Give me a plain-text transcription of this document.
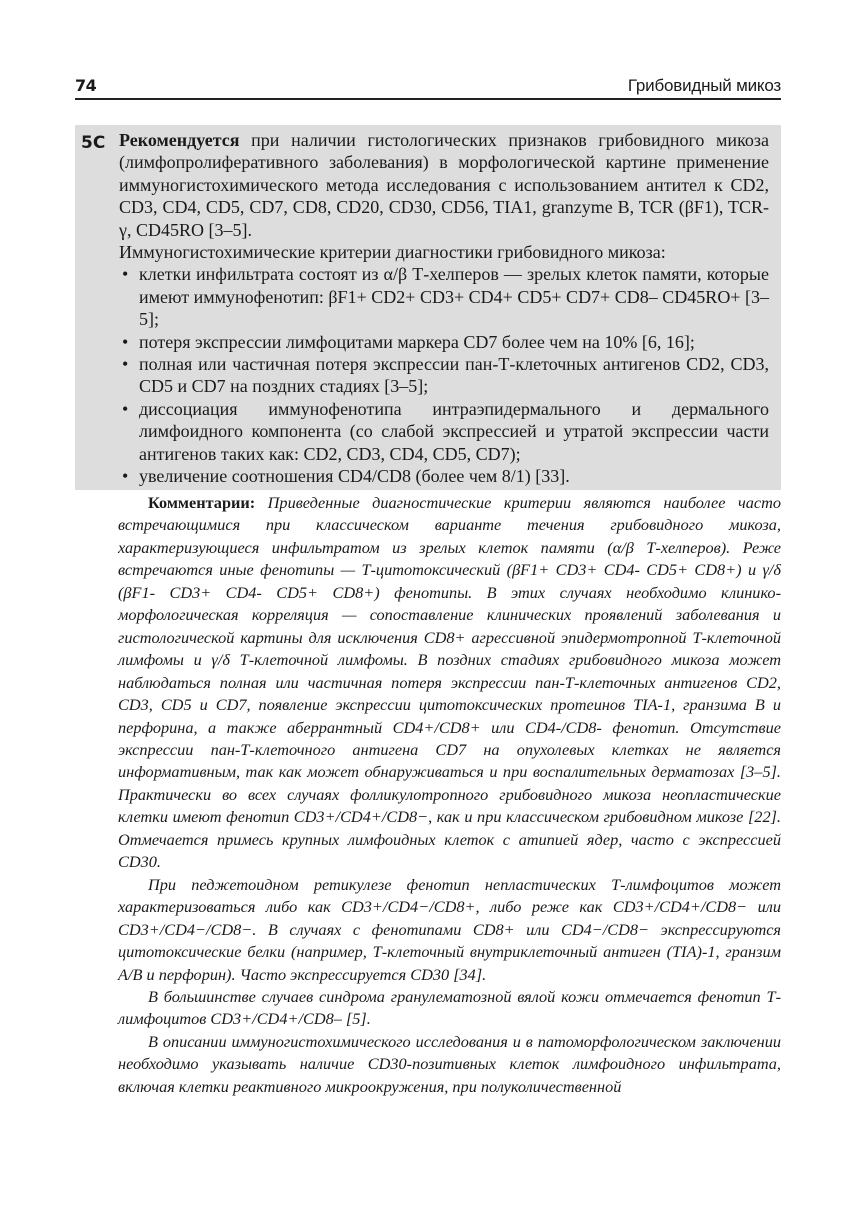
74	Грибовидный микоз
5С Рекомендуется при наличии гистологических признаков грибовидного микоза (лимфопролиферативного заболевания) в морфологической картине применение иммуногистохимического метода исследования с использованием антител к CD2, CD3, CD4, CD5, CD7, CD8, CD20, CD30, CD56, TIA1, granzyme B, TCR (βF1), TCR-γ, CD45RO [3–5].

Иммуногистохимические критерии диагностики грибовидного микоза:

• клетки инфильтрата состоят из α/β Т-хелперов — зрелых клеток памяти, которые имеют иммунофенотип: βF1+ CD2+ CD3+ CD4+ CD5+ CD7+ CD8– CD45RO+ [3–5];
• потеря экспрессии лимфоцитами маркера CD7 более чем на 10% [6, 16];
• полная или частичная потеря экспрессии пан-Т-клеточных антигенов CD2, CD3, CD5 и CD7 на поздних стадиях [3–5];
• диссоциация иммунофенотипа интраэпидермального и дермального лимфоидного компонента (со слабой экспрессией и утратой экспрессии части антигенов таких как: CD2, CD3, CD4, CD5, CD7);
• увеличение соотношения CD4/CD8 (более чем 8/1) [33].

Комментарии: Приведенные диагностические критерии являются наиболее часто встречающимися при классическом варианте течения грибовидного микоза, характеризующиеся инфильтратом из зрелых клеток памяти (α/β Т-хелперов). Реже встречаются иные фенотипы — Т-цитотоксический (βF1+ CD3+ CD4- CD5+ CD8+) и γ/δ (βF1- CD3+ CD4- CD5+ CD8+) фенотипы. В этих случаях необходимо клинико-морфологическая корреляция — сопоставление клинических проявлений заболевания и гистологической картины для исключения CD8+ агрессивной эпидермотропной Т-клеточной лимфомы и γ/δ Т-клеточной лимфомы. В поздних стадиях грибовидного микоза может наблюдаться полная или частичная потеря экспрессии пан-Т-клеточных антигенов CD2, CD3, CD5 и CD7, появление экспрессии цитотоксических протеинов TIA-1, гранзима В и перфорина, а также аберрантный CD4+/CD8+ или CD4-/CD8- фенотип. Отсутствие экспрессии пан-Т-клеточного антигена CD7 на опухолевых клетках не является информативным, так как может обнаруживаться и при воспалительных дерматозах [3–5]. Практически во всех случаях фолликулотропного грибовидного микоза неопластические клетки имеют фенотип CD3+/CD4+/CD8−, как и при классическом грибовидном микозе [22]. Отмечается примесь крупных лимфоидных клеток с атипией ядер, часто с экспрессией CD30.

При педжетоидном ретикулезе фенотип непластических Т-лимфоцитов может характеризоваться либо как CD3+/CD4−/CD8+, либо реже как CD3+/CD4+/CD8− или CD3+/CD4−/CD8−. В случаях с фенотипами CD8+ или CD4−/CD8− экспрессируются цитотоксические белки (например, Т-клеточный внутриклеточный антиген (TIA)-1, гранзим A/B и перфорин). Часто экспрессируется CD30 [34].

В большинстве случаев синдрома гранулематозной вялой кожи отмечается фенотип Т-лимфоцитов CD3+/CD4+/CD8– [5].

В описании иммуногистохимического исследования и в патоморфологическом заключении необходимо указывать наличие CD30-позитивных клеток лимфоидного инфильтрата, включая клетки реактивного микроокружения, при полуколичественной
